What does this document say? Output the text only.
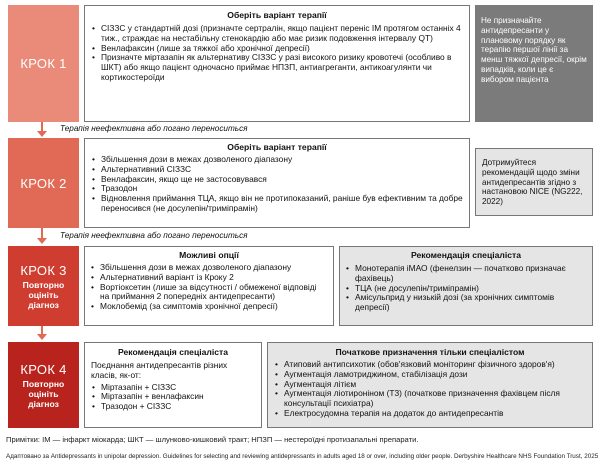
КРОК 1
Оберіть варіант терапії
• СІЗЗС у стандартній дозі (призначте сертралін, якщо пацієнт переніс ІМ протягом останніх 4 тиж., страждає на нестабільну стенокардію або має ризик подовження інтервалу QT)
• Венлафаксин (лише за тяжкої або хронічної депресії)
• Призначте міртазапін як альтернативу СІЗЗС у разі високого ризику кровотечі (особливо в ШКТ) або якщо пацієнт одночасно приймає НПЗП, антиагреганти, антикоагулянти чи кортикостероїди
Не призначайте антидепресанти у плановому порядку як терапію першої лінії за менш тяжкої депресії, окрім випадків, коли це є вибором пацієнта
Терапія неефективна або погано переноситься
КРОК 2
Оберіть варіант терапії
• Збільшення дози в межах дозволеного діапазону
• Альтернативний СІЗЗС
• Венлафаксин, якщо ще не застосовувався
• Тразодон
• Відновлення приймання ТЦА, якщо він не протипоказаний, раніше був ефективним та добре переносився (не досулепін/триміпрамін)
Дотримуйтеся рекомендацій щодо зміни антидепресантів згідно з настановою NICE (NG222, 2022)
Терапія неефективна або погано переноситься
КРОК 3
Повторно оцініть діагноз
Можливі опції
• Збільшення дози в межах дозволеного діапазону
• Альтернативний варіант із Кроку 2
• Вортіоксетин (лише за відсутності / обмеженої відповіді на приймання 2 попередніх антидепресанти)
• Моклобемід (за симптомів хронічної депресії)
Рекомендація спеціаліста
• Монотерапія іМАО (фенелзин — початково призначає фахівець)
• ТЦА (не досулепін/триміпрамін)
• Амісульприд у низькій дозі (за хронічних симптомів депресії)
КРОК 4
Повторно оцініть діагноз
Рекомендація спеціаліста
Поєднання антидепресантів різних класів, як-от:
• Міртазапін + СІЗЗС
• Міртазапін + венлафаксин
• Тразодон + СІЗЗС
Початкове призначення тільки спеціалістом
• Атиповий антипсихотик (обов'язковий моніторинг фізичного здоров'я)
• Аугментація ламотриджином, стабілізація дози
• Аугментація літієм
• Аугментація ліотироніном (Т3) (початкове призначення фахівцем після консультації психіатра)
• Електросудомна терапія на додаток до антидепресантів
Примітки: ІМ — інфаркт міокарда; ШКТ — шлунково-кишковий тракт; НПЗП — нестероїдні протизапальні препарати.
Адаптовано за Antidepressants in unipolar depression. Guidelines for selecting and reviewing antidepressants in adults aged 18 or over, including older people. Derbyshire Healthcare NHS Foundation Trust, 2025
